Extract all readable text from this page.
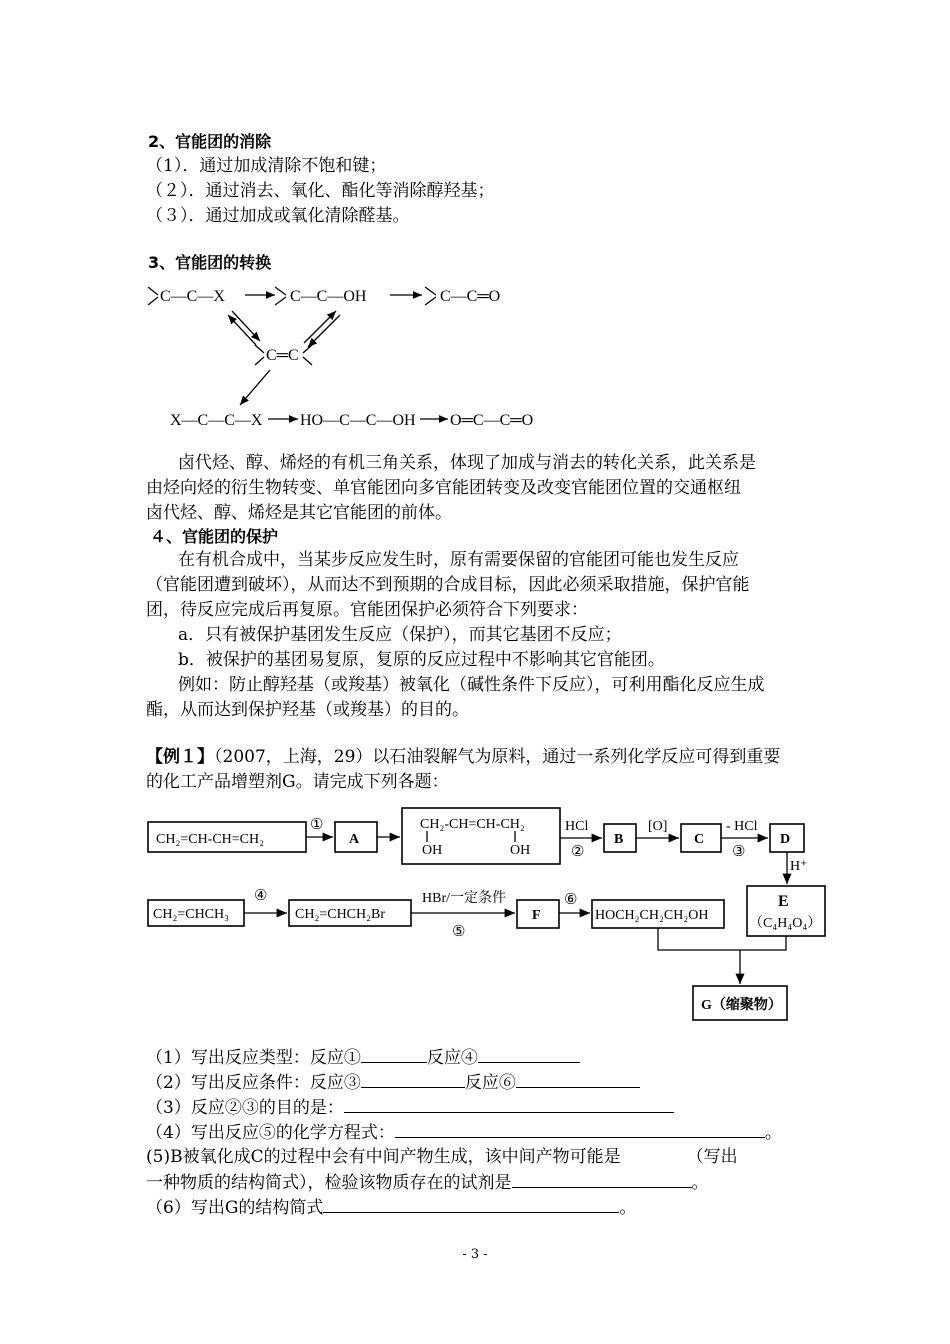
2、官能团的消除
（1）．通过加成清除不饱和键；
（２）．通过消去、氧化、酯化等消除醇羟基；
（３）．通过加成或氧化清除醛基。
3、官能团的转换
C—C—X	C—C—OH	C—C═O
C═C
X—C—C—X HO—C—C—OH O═C—C═O
卤代烃、醇、烯烃的有机三角关系，体现了加成与消去的转化关系，此关系是
由烃向烃的衍生物转变、单官能团向多官能团转变及改变官能团位置的交通枢纽
卤代烃、醇、烯烃是其它官能团的前体。
４、官能团的保护
在有机合成中，当某步反应发生时，原有需要保留的官能团可能也发生反应
（官能团遭到破坏），从而达不到预期的合成目标，因此必须采取措施，保护官能
团，待反应完成后再复原。官能团保护必须符合下列要求：
a．只有被保护基团发生反应（保护），而其它基团不反应；
b．被保护的基团易复原，复原的反应过程中不影响其它官能团。
例如：防止醇羟基（或羧基）被氧化（碱性条件下反应），可利用酯化反应生成
酯，从而达到保护羟基（或羧基）的目的。
【例１】（2007，上海，29）以石油裂解气为原料，通过一系列化学反应可得到重要
的化工产品增塑剂G。请完成下列各题：
CH₂=CH-CH=CH₂
①
A
CH₂-CH=CH-CH₂
OH	OH
HCl
②
B
[O]
C
- HCl
③
D
H⁺
CH₂=CHCH₃
④
CH₂=CHCH₂Br
HBr/一定条件
⑤
F
⑥
HOCH₂CH₂CH₂OH
E
（C₄H₄O₄）
G（缩聚物）
（1）写出反应类型：反应①	反应④
（2）写出反应条件：反应③	反应⑥
（3）反应②③的目的是：
（4）写出反应⑤的化学方程式：	。
(5)B被氧化成C的过程中会有中间产物生成，该中间产物可能是	（写出
一种物质的结构简式），检验该物质存在的试剂是	。
（6）写出G的结构简式	。
- 3 -
